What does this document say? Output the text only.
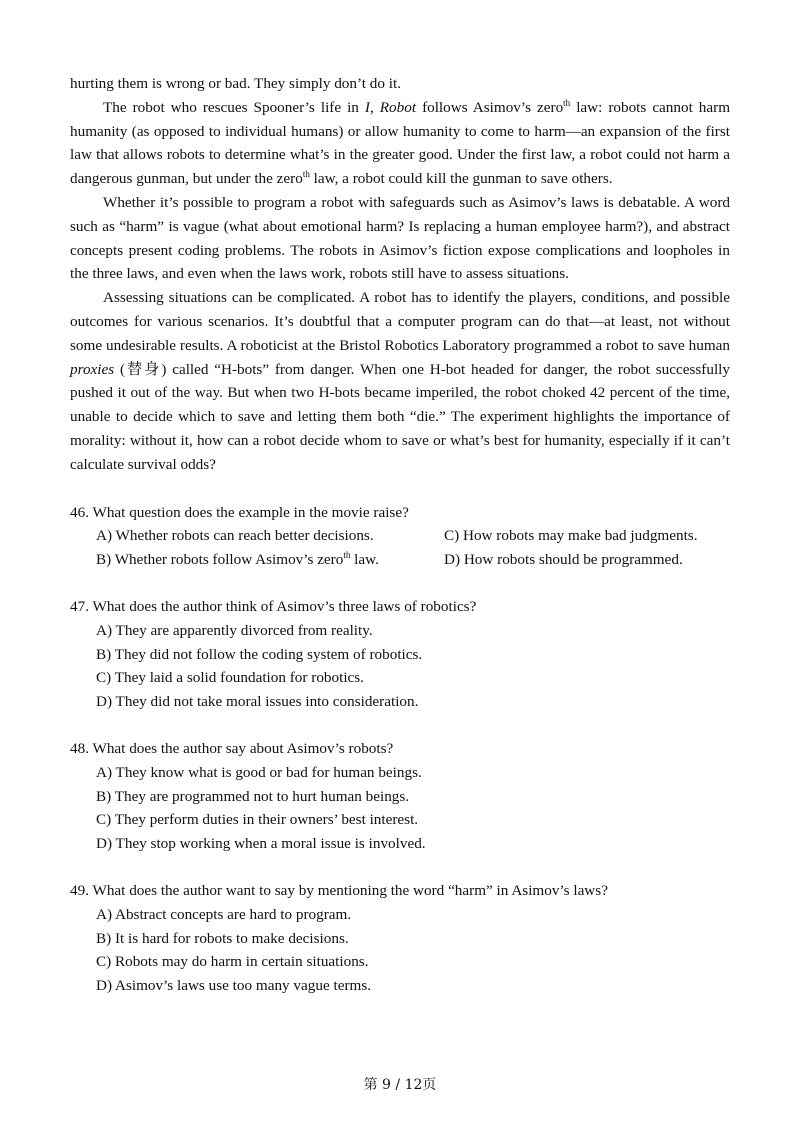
hurting them is wrong or bad. They simply don’t do it.

The robot who rescues Spooner’s life in I, Robot follows Asimov’s zero$^{th}$ law: robots cannot harm humanity (as opposed to individual humans) or allow humanity to come to harm—an expansion of the first law that allows robots to determine what’s in the greater good. Under the first law, a robot could not harm a dangerous gunman, but under the zero$^{th}$ law, a robot could kill the gunman to save others.

Whether it’s possible to program a robot with safeguards such as Asimov’s laws is debatable. A word such as “harm” is vague (what about emotional harm? Is replacing a human employee harm?), and abstract concepts present coding problems. The robots in Asimov’s fiction expose complications and loopholes in the three laws, and even when the laws work, robots still have to assess situations.

Assessing situations can be complicated. A robot has to identify the players, conditions, and possible outcomes for various scenarios. It’s doubtful that a computer program can do that—at least, not without some undesirable results. A roboticist at the Bristol Robotics Laboratory programmed a robot to save human proxies (替身) called “H-bots” from danger. When one H-bot headed for danger, the robot successfully pushed it out of the way. But when two H-bots became imperiled, the robot choked 42 percent of the time, unable to decide which to save and letting them both “die.” The experiment highlights the importance of morality: without it, how can a robot decide whom to save or what’s best for humanity, especially if it can’t calculate survival odds?

46. What question does the example in the movie raise?

A) Whether robots can reach better decisions.	C) How robots may make bad judgments.

B) Whether robots follow Asimov’s zero$^{th}$ law.	D) How robots should be programmed.

47. What does the author think of Asimov’s three laws of robotics?

A) They are apparently divorced from reality.

B) They did not follow the coding system of robotics.

C) They laid a solid foundation for robotics.

D) They did not take moral issues into consideration.

48. What does the author say about Asimov’s robots?

A) They know what is good or bad for human beings.

B) They are programmed not to hurt human beings.

C) They perform duties in their owners’ best interest.

D) They stop working when a moral issue is involved.

49. What does the author want to say by mentioning the word “harm” in Asimov’s laws?

A) Abstract concepts are hard to program.

B) It is hard for robots to make decisions.

C) Robots may do harm in certain situations.

D) Asimov’s laws use too many vague terms.

第 9 / 12页
